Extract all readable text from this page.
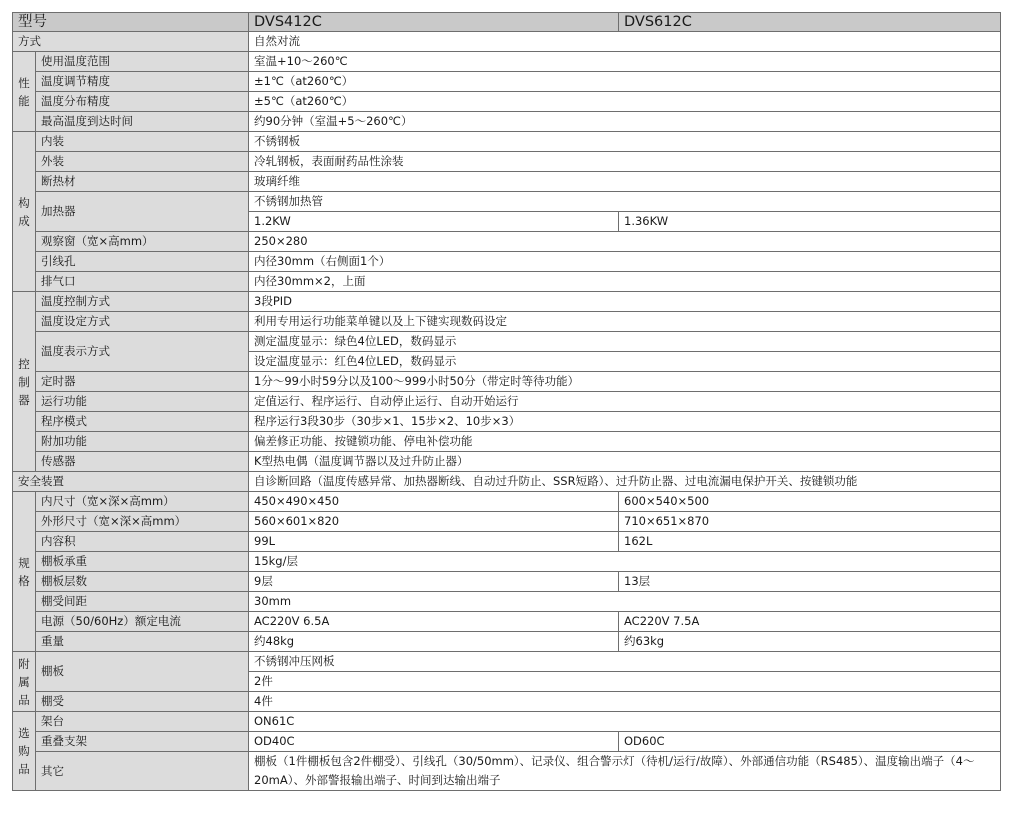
型号		DVS412C	DVS612C
方式		自然对流	
性能	使用温度范围	室温+10～260℃	
	温度调节精度	±1℃（at260℃）	
	温度分布精度	±5℃（at260℃）	
	最高温度到达时间	约90分钟（室温+5～260℃）	
构成	内装	不锈钢板	
	外装	冷轧钢板，表面耐药品性涂装	
	断热材	玻璃纤维	
	加热器	不锈钢加热管	
		1.2KW	1.36KW
	观察窗（宽×高mm）	250×280	
	引线孔	内径30mm（右侧面1个）	
	排气口	内径30mm×2，上面	
控制器	温度控制方式	3段PID	
	温度设定方式	利用专用运行功能菜单键以及上下键实现数码设定	
	温度表示方式	测定温度显示：绿色4位LED，数码显示	
		设定温度显示：红色4位LED，数码显示	
	定时器	1分～99小时59分以及100～999小时50分（带定时等待功能）	
	运行功能	定值运行、程序运行、自动停止运行、自动开始运行	
	程序模式	程序运行3段30步（30步×1、15步×2、10步×3）	
	附加功能	偏差修正功能、按键锁功能、停电补偿功能	
	传感器	K型热电偶（温度调节器以及过升防止器）	
安全装置		自诊断回路（温度传感异常、加热器断线、自动过升防止、SSR短路）、过升防止器、过电流漏电保护开关、按键锁功能	
规格	内尺寸（宽×深×高mm）	450×490×450	600×540×500
	外形尺寸（宽×深×高mm）	560×601×820	710×651×870
	内容积	99L	162L
	棚板承重	15kg/层	
	棚板层数	9层	13层
	棚受间距	30mm	
	电源（50/60Hz）额定电流	AC220V 6.5A	AC220V 7.5A
	重量	约48kg	约63kg
附属品	棚板	不锈钢冲压网板	
		2件	
	棚受	4件	
选购品	架台	ON61C	
	重叠支架	OD40C	OD60C
	其它	棚板（1件棚板包含2件棚受）、引线孔（30/50mm）、记录仪、组合警示灯（待机/运行/故障）、外部通信功能（RS485）、温度输出端子（4～20mA）、外部警报输出端子、时间到达输出端子	
